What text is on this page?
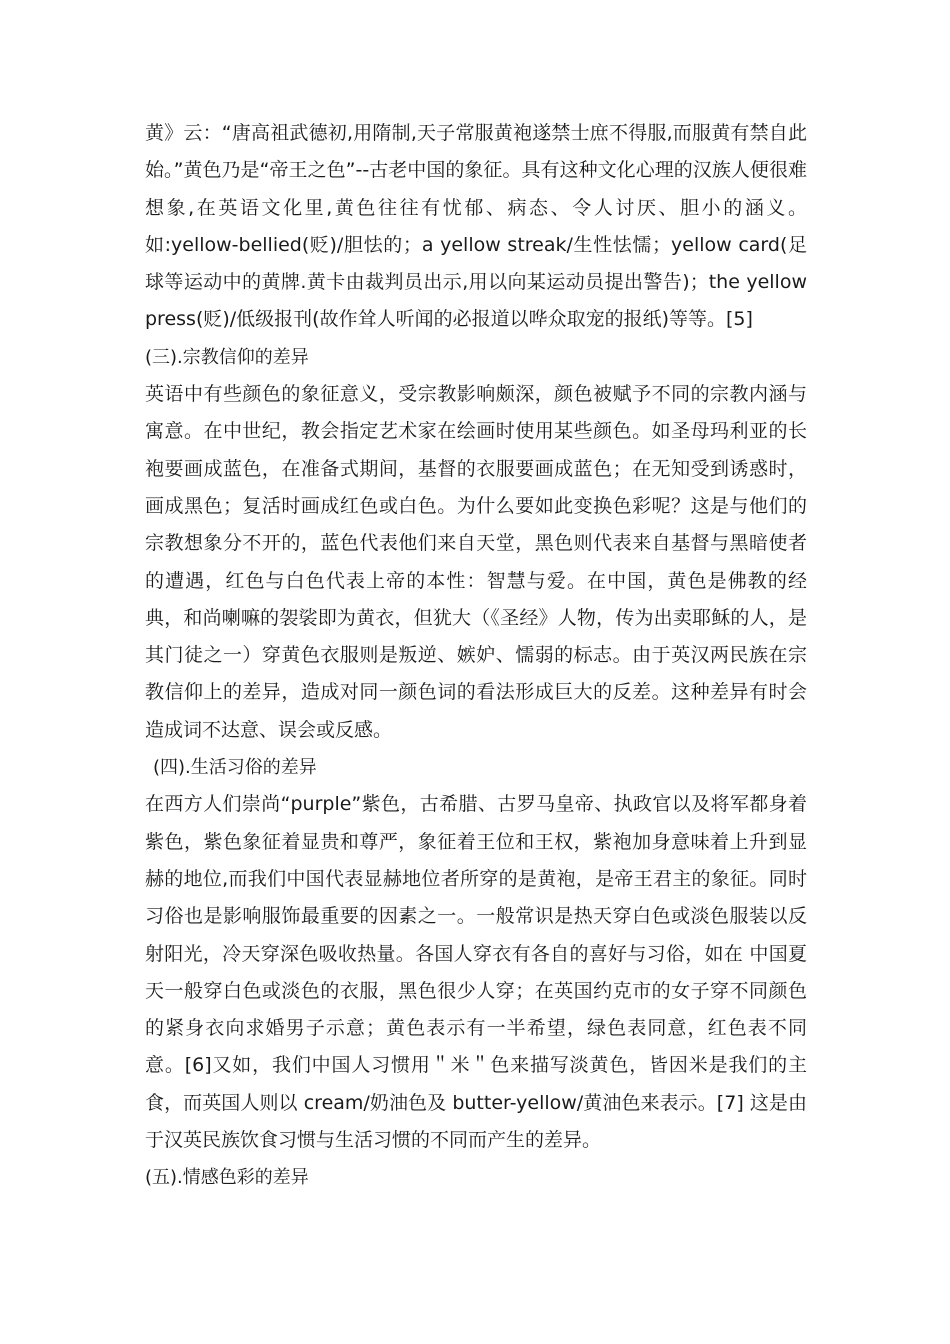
黄》云：“唐高祖武德初,用隋制,天子常服黄袍遂禁士庶不得服,而服黄有禁自此始。”黄色乃是“帝王之色”--古老中国的象征。具有这种文化心理的汉族人便很难想象,在英语文化里,黄色往往有忧郁、病态、令人讨厌、胆小的涵义。如:yellow-bellied(贬)/胆怯的；a yellow streak/生性怯懦；yellow card(足球等运动中的黄牌.黄卡由裁判员出示,用以向某运动员提出警告)；the yellow press(贬)/低级报刊(故作耸人听闻的必报道以哗众取宠的报纸)等等。[5]

(三).宗教信仰的差异

英语中有些颜色的象征意义，受宗教影响颇深，颜色被赋予不同的宗教内涵与寓意。在中世纪，教会指定艺术家在绘画时使用某些颜色。如圣母玛利亚的长袍要画成蓝色，在准备式期间，基督的衣服要画成蓝色；在无知受到诱惑时，画成黑色；复活时画成红色或白色。为什么要如此变换色彩呢？这是与他们的宗教想象分不开的，蓝色代表他们来自天堂，黑色则代表来自基督与黑暗使者的遭遇，红色与白色代表上帝的本性：智慧与爱。在中国，黄色是佛教的经典，和尚喇嘛的袈裟即为黄衣，但犹大（《圣经》人物，传为出卖耶稣的人，是其门徒之一）穿黄色衣服则是叛逆、嫉妒、懦弱的标志。由于英汉两民族在宗教信仰上的差异，造成对同一颜色词的看法形成巨大的反差。这种差异有时会造成词不达意、误会或反感。

(四).生活习俗的差异

在西方人们崇尚“purple”紫色，古希腊、古罗马皇帝、执政官以及将军都身着紫色，紫色象征着显贵和尊严，象征着王位和王权，紫袍加身意味着上升到显赫的地位,而我们中国代表显赫地位者所穿的是黄袍，是帝王君主的象征。同时习俗也是影响服饰最重要的因素之一。一般常识是热天穿白色或淡色服装以反射阳光，冷天穿深色吸收热量。各国人穿衣有各自的喜好与习俗，如在 中国夏天一般穿白色或淡色的衣服，黑色很少人穿；在英国约克市的女子穿不同颜色的紧身衣向求婚男子示意；黄色表示有一半希望，绿色表同意，红色表不同意。[6]又如，我们中国人习惯用＂米＂色来描写淡黄色，皆因米是我们的主食，而英国人则以 cream/奶油色及 butter-yellow/黄油色来表示。[7] 这是由于汉英民族饮食习惯与生活习惯的不同而产生的差异。

(五).情感色彩的差异
